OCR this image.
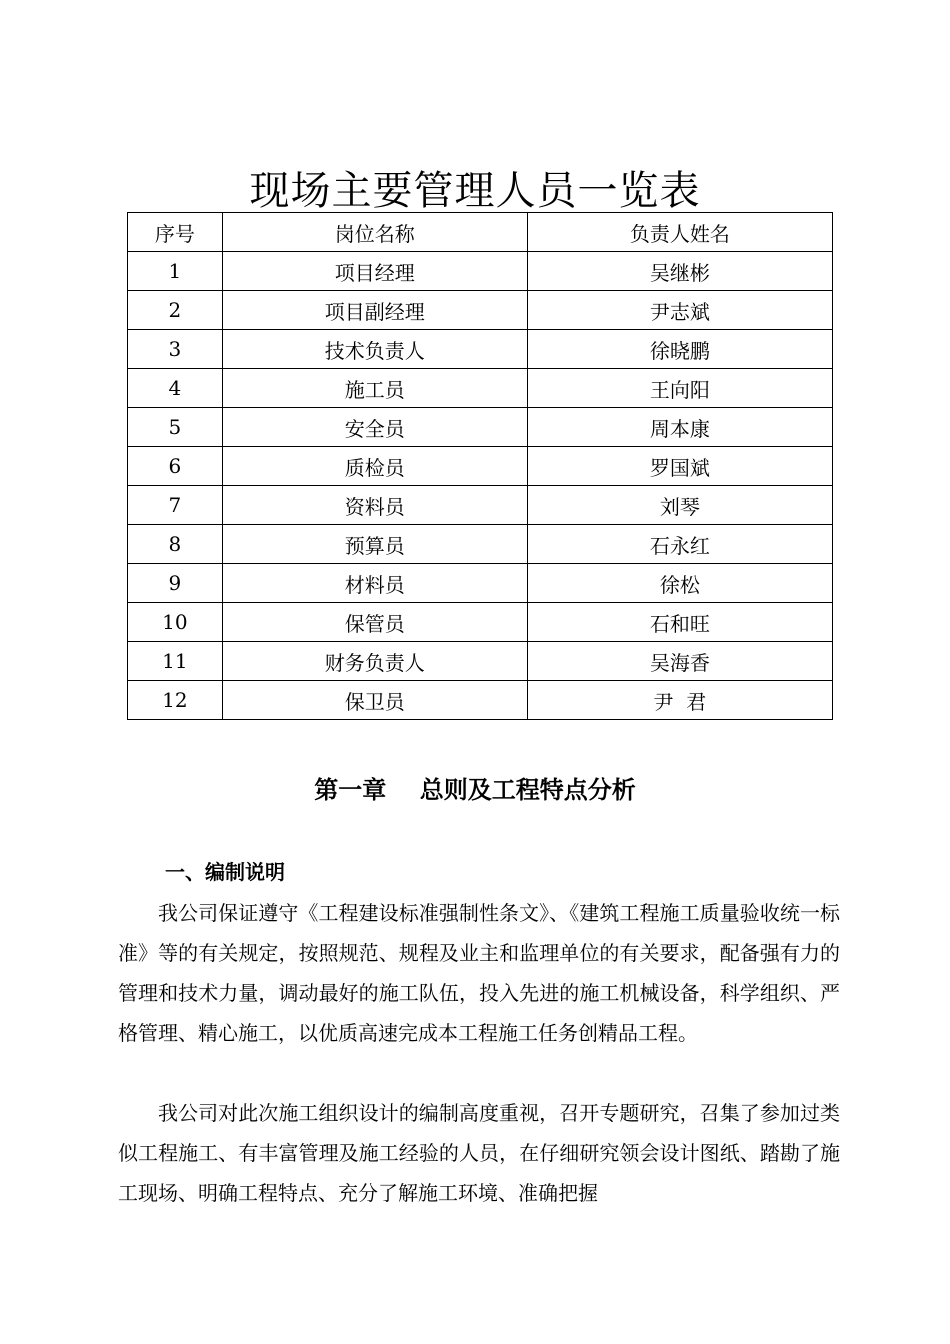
现场主要管理人员一览表
序号	岗位名称	负责人姓名
1	项目经理	吴继彬
2	项目副经理	尹志斌
3	技术负责人	徐晓鹏
4	施工员	王向阳
5	安全员	周本康
6	质检员	罗国斌
7	资料员	刘琴
8	预算员	石永红
9	材料员	徐松
10	保管员	石和旺
11	财务负责人	吴海香
12	保卫员	尹  君
第一章    总则及工程特点分析
一、编制说明

我公司保证遵守《工程建设标准强制性条文》、《建筑工程施工质量验收统一标准》等的有关规定，按照规范、规程及业主和监理单位的有关要求，配备强有力的管理和技术力量，调动最好的施工队伍，投入先进的施工机械设备，科学组织、严格管理、精心施工，以优质高速完成本工程施工任务创精品工程。

我公司对此次施工组织设计的编制高度重视，召开专题研究，召集了参加过类似工程施工、有丰富管理及施工经验的人员，在仔细研究领会设计图纸、踏勘了施工现场、明确工程特点、充分了解施工环境、准确把握
